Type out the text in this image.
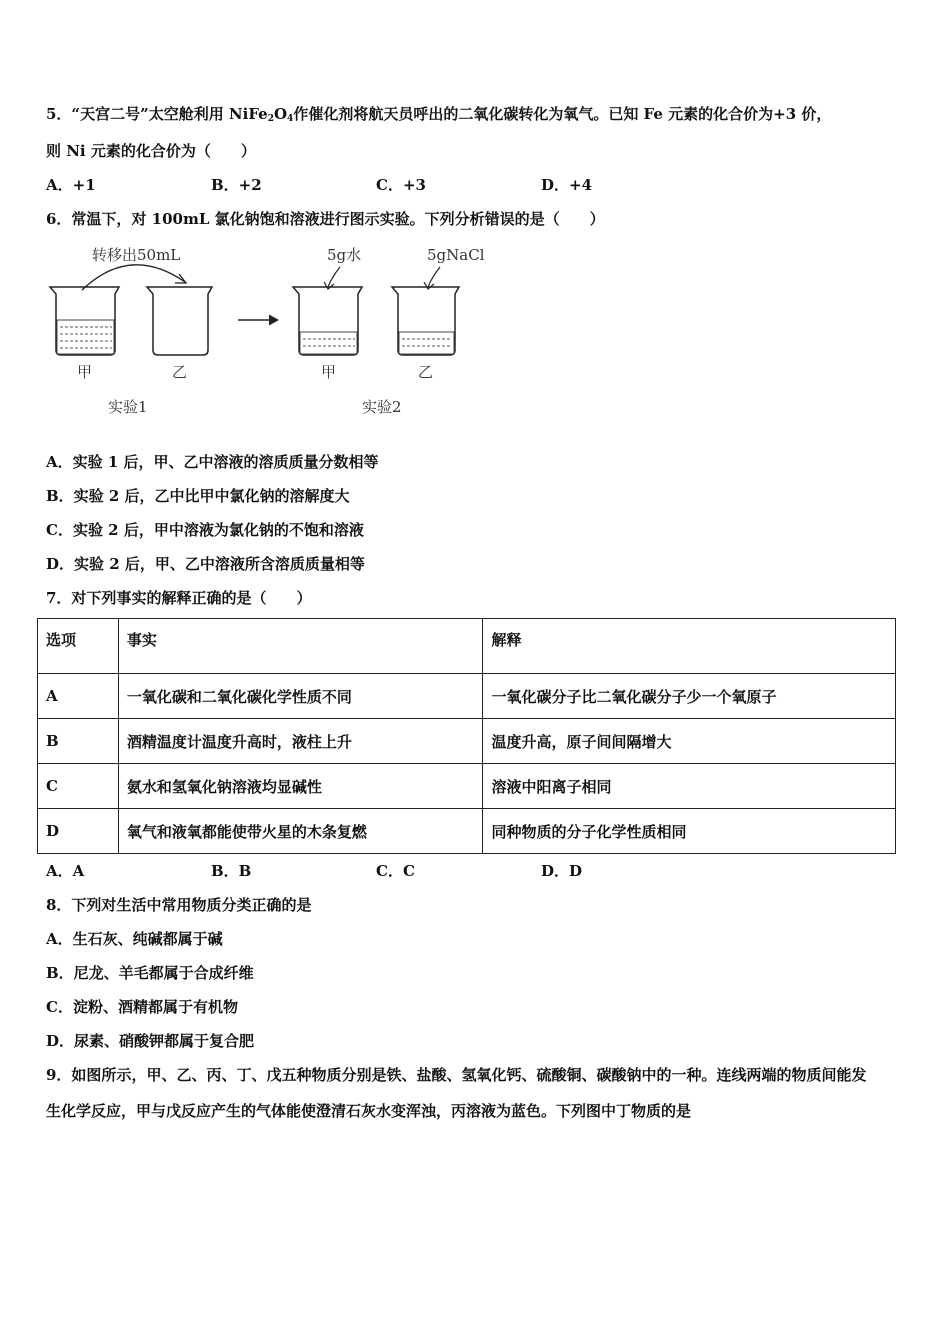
5．“天宫二号”太空舱利用 $NiFe_2O_4$作催化剂将航天员呼出的二氧化碳转化为氧气。已知 Fe 元素的化合价为+3 价，
则 Ni 元素的化合价为（　　）
A．+1	B．+2	C．+3	D．+4
6．常温下，对 100mL 氯化钠饱和溶液进行图示实验。下列分析错误的是（　　）
转移出50mL
甲	乙
5g水	5gNaCl
甲	乙
实验1	实验2
A．实验 1 后，甲、乙中溶液的溶质质量分数相等
B．实验 2 后，乙中比甲中氯化钠的溶解度大
C．实验 2 后，甲中溶液为氯化钠的不饱和溶液
D．实验 2 后，甲、乙中溶液所含溶质质量相等
7．对下列事实的解释正确的是（　　）
选项	事实	解释
A	一氧化碳和二氧化碳化学性质不同	一氧化碳分子比二氧化碳分子少一个氧原子
B	酒精温度计温度升高时，液柱上升	温度升高，原子间间隔增大
C	氨水和氢氧化钠溶液均显碱性	溶液中阳离子相同
D	氧气和液氧都能使带火星的木条复燃	同种物质的分子化学性质相同
A．A	B．B	C．C	D．D
8．下列对生活中常用物质分类正确的是
A．生石灰、纯碱都属于碱
B．尼龙、羊毛都属于合成纤维
C．淀粉、酒精都属于有机物
D．尿素、硝酸钾都属于复合肥
9．如图所示，甲、乙、丙、丁、戊五种物质分别是铁、盐酸、氢氧化钙、硫酸铜、碳酸钠中的一种。连线两端的物质间能发
生化学反应，甲与戊反应产生的气体能使澄清石灰水变浑浊，丙溶液为蓝色。下列图中丁物质的是
